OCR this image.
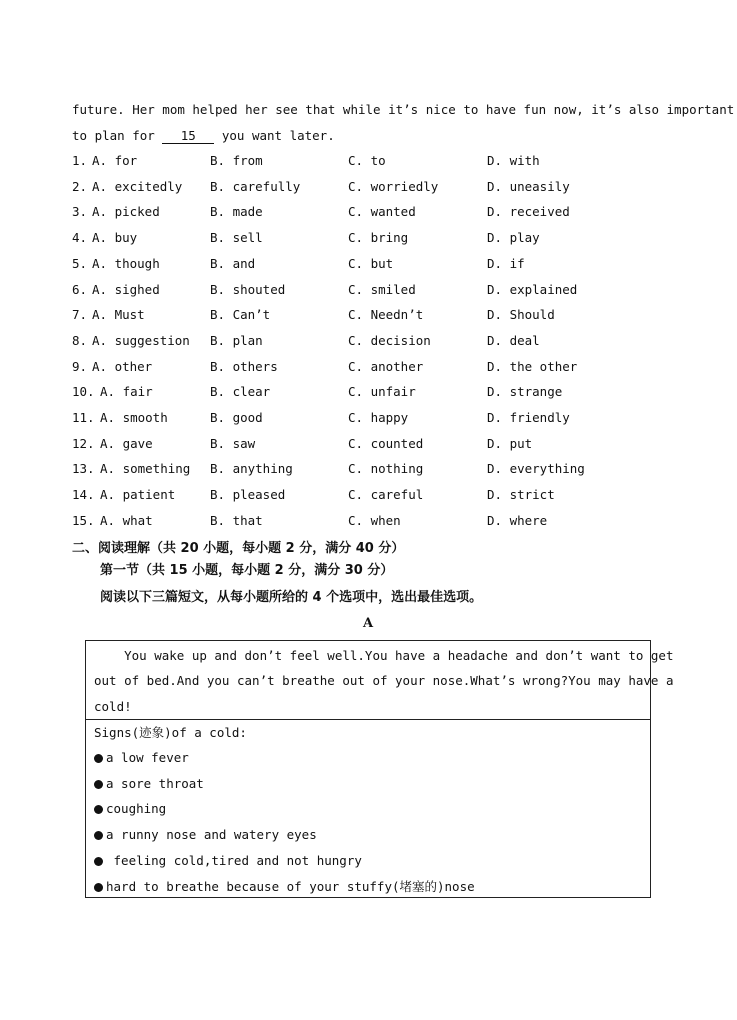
future. Her mom helped her see that while it’s nice to have fun now, it’s also important
to plan for 15 you want later.
1. A. for	B. from	C. to	D. with
2. A. excitedly B. carefully	C. worriedly	D. uneasily
3. A. picked	B. made	C. wanted	D. received
4. A. buy	B. sell	C. bring	D. play
5. A. though	B. and	C. but	D. if
6. A. sighed	B. shouted	C. smiled	D. explained
7. A. Must	B. Can’t	C. Needn’t	D. Should
8. A. suggestion B. plan	C. decision	D. deal
9. A. other	B. others	C. another	D. the other
10. A. fair	B. clear	C. unfair	D. strange
11. A. smooth	B. good	C. happy	D. friendly
12. A. gave	B. saw	C. counted	D. put
13. A. something B. anything	C. nothing	D. everything
14. A. patient	B. pleased	C. careful	D. strict
15. A. what	B. that	C. when	D. where
二、阅读理解（共 20 小题，每小题 2 分，满分 40 分）
第一节（共 15 小题，每小题 2 分，满分 30 分）
阅读以下三篇短文，从每小题所给的 4 个选项中，选出最佳选项。
A
You wake up and don’t feel well.You have a headache and don’t want to get
out of bed.And you can’t breathe out of your nose.What’s wrong?You may have a
cold!
Signs(迹象)of a cold:
a low fever
a sore throat
coughing
a runny nose and watery eyes
feeling cold,tired and not hungry
hard to breathe because of your stuffy(堵塞的)nose
